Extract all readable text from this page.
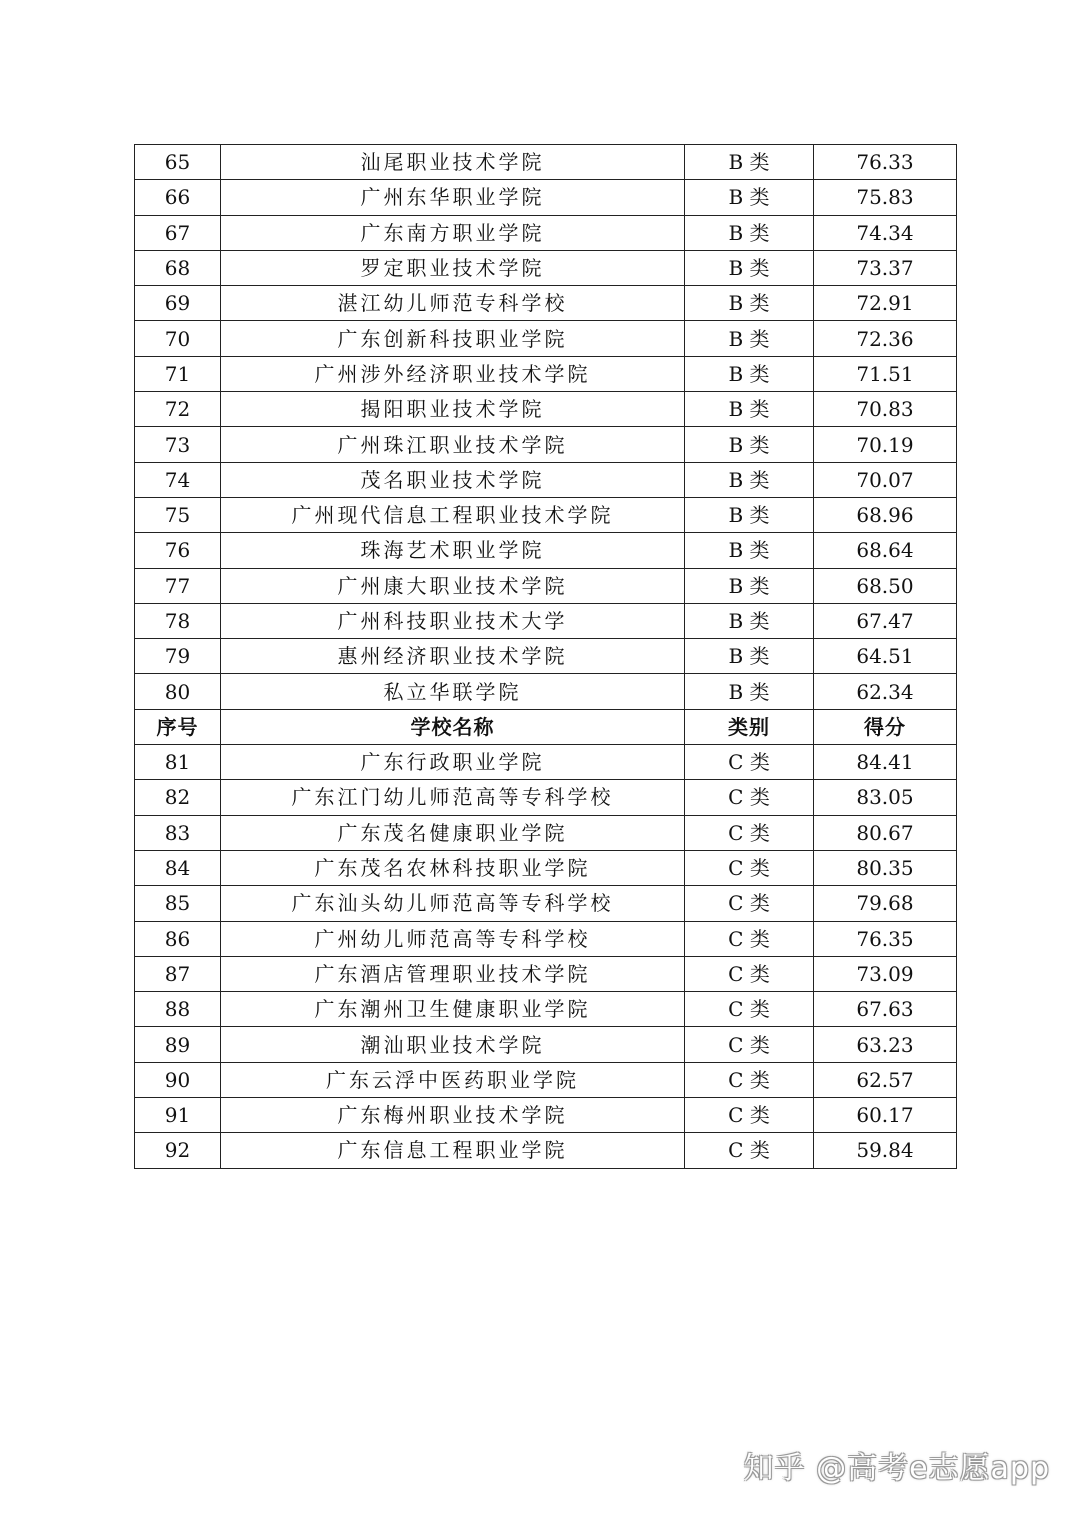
65	汕尾职业技术学院	B 类	76.33
66	广州东华职业学院	B 类	75.83
67	广东南方职业学院	B 类	74.34
68	罗定职业技术学院	B 类	73.37
69	湛江幼儿师范专科学校	B 类	72.91
70	广东创新科技职业学院	B 类	72.36
71	广州涉外经济职业技术学院	B 类	71.51
72	揭阳职业技术学院	B 类	70.83
73	广州珠江职业技术学院	B 类	70.19
74	茂名职业技术学院	B 类	70.07
75	广州现代信息工程职业技术学院	B 类	68.96
76	珠海艺术职业学院	B 类	68.64
77	广州康大职业技术学院	B 类	68.50
78	广州科技职业技术大学	B 类	67.47
79	惠州经济职业技术学院	B 类	64.51
80	私立华联学院	B 类	62.34
序号	学校名称	类别	得分
81	广东行政职业学院	C 类	84.41
82	广东江门幼儿师范高等专科学校	C 类	83.05
83	广东茂名健康职业学院	C 类	80.67
84	广东茂名农林科技职业学院	C 类	80.35
85	广东汕头幼儿师范高等专科学校	C 类	79.68
86	广州幼儿师范高等专科学校	C 类	76.35
87	广东酒店管理职业技术学院	C 类	73.09
88	广东潮州卫生健康职业学院	C 类	67.63
89	潮汕职业技术学院	C 类	63.23
90	广东云浮中医药职业学院	C 类	62.57
91	广东梅州职业技术学院	C 类	60.17
92	广东信息工程职业学院	C 类	59.84
知乎 @高考e志愿app
